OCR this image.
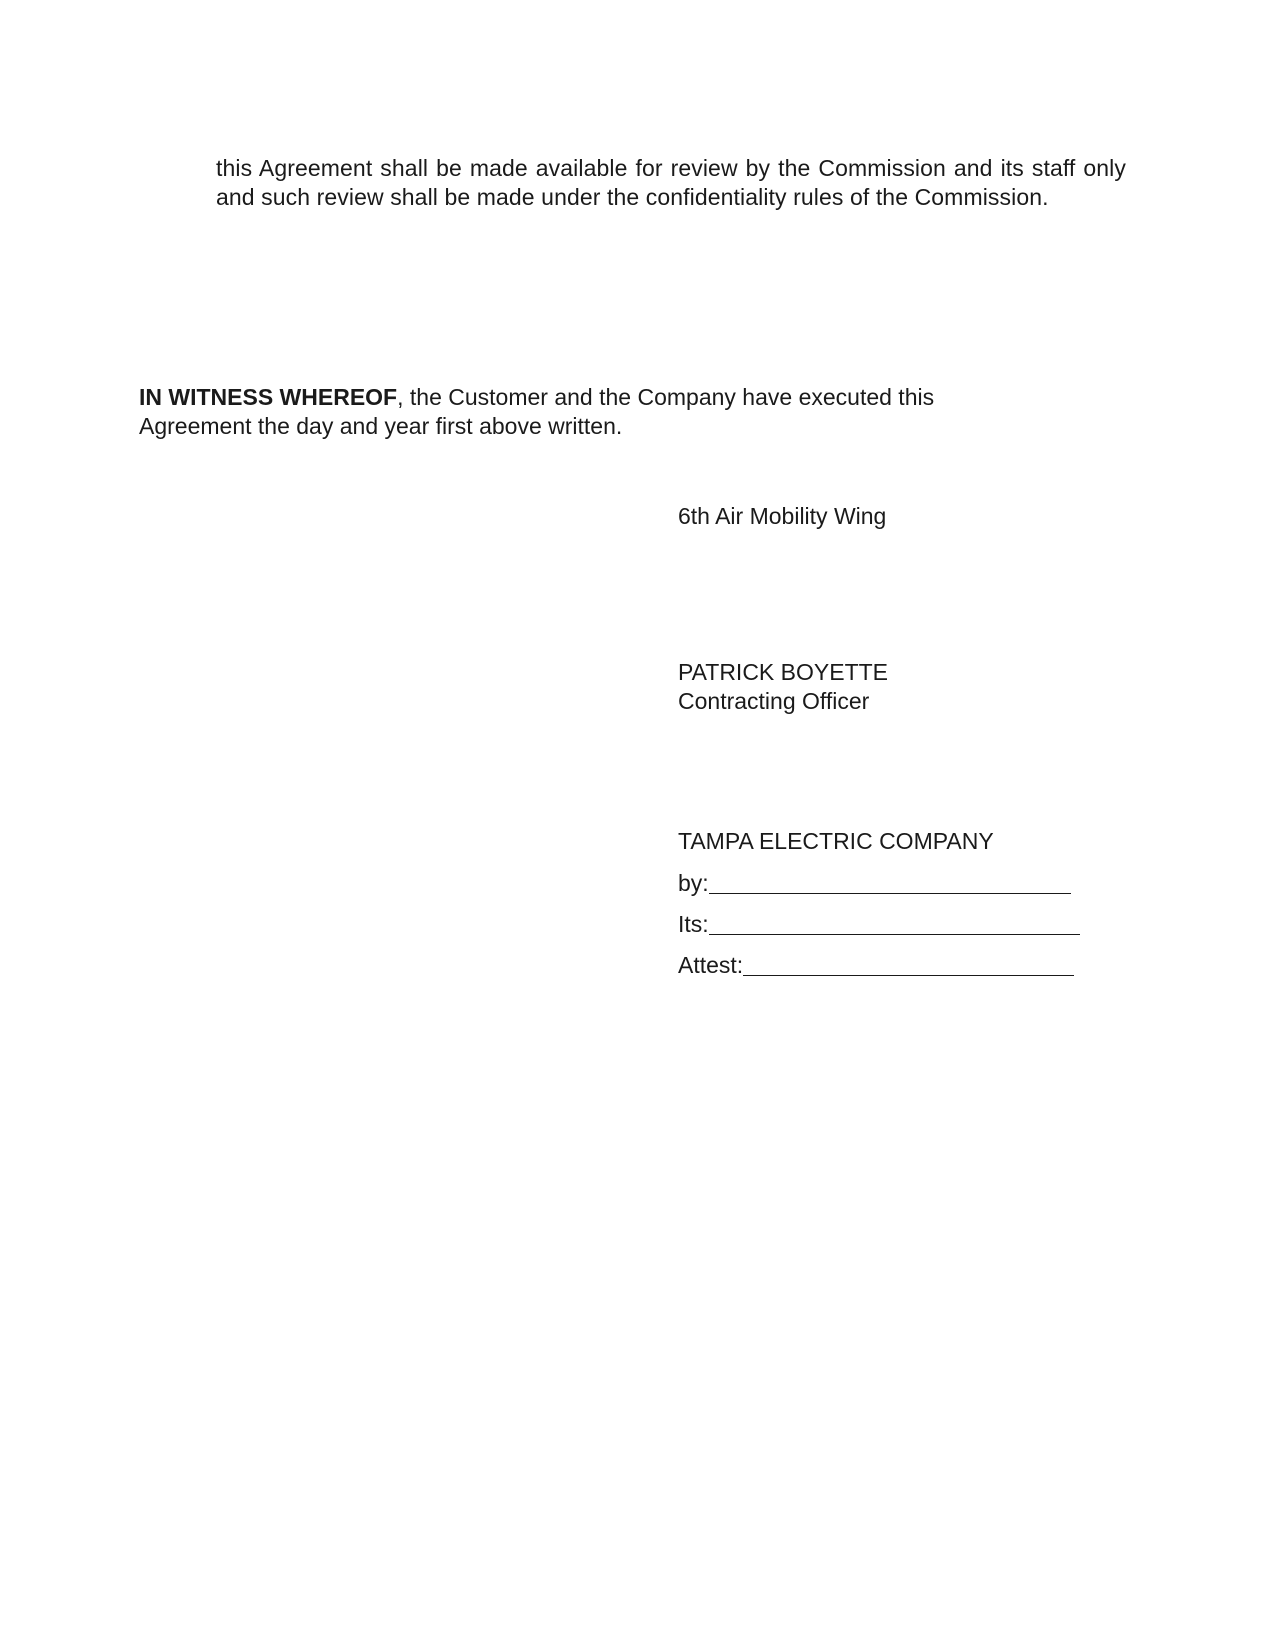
this Agreement shall be made available for review by the Commission and its staff only and such review shall be made under the confidentiality rules of the Commission.

IN WITNESS WHEREOF, the Customer and the Company have executed this Agreement the day and year first above written.

6th Air Mobility Wing
PATRICK BOYETTE
Contracting Officer
TAMPA ELECTRIC COMPANY
by:
Its:
Attest:
